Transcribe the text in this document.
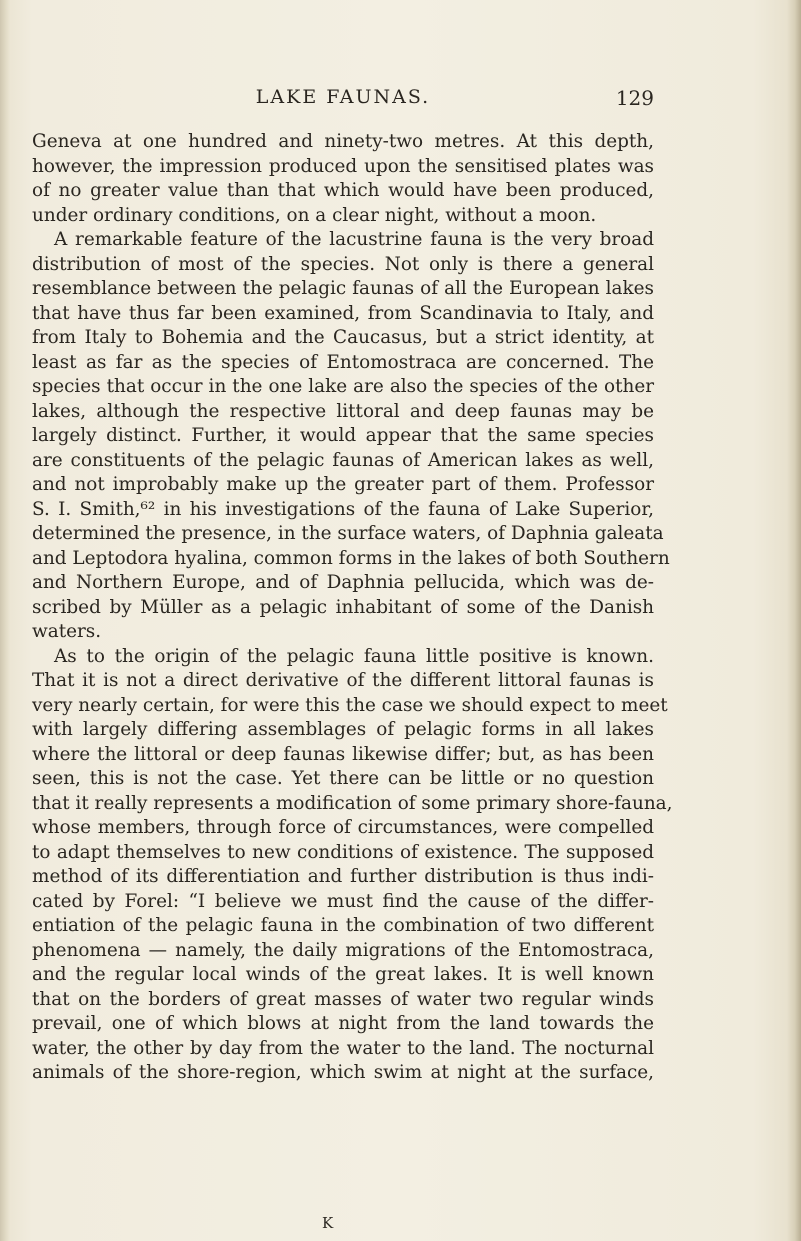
LAKE FAUNAS.	129
Geneva at one hundred and ninety-two metres. At this depth,
however, the impression produced upon the sensitised plates was
of no greater value than that which would have been produced,
under ordinary conditions, on a clear night, without a moon.
A remarkable feature of the lacustrine fauna is the very broad
distribution of most of the species. Not only is there a general
resemblance between the pelagic faunas of all the European lakes
that have thus far been examined, from Scandinavia to Italy, and
from Italy to Bohemia and the Caucasus, but a strict identity, at
least as far as the species of Entomostraca are concerned. The
species that occur in the one lake are also the species of the other
lakes, although the respective littoral and deep faunas may be
largely distinct. Further, it would appear that the same species
are constituents of the pelagic faunas of American lakes as well,
and not improbably make up the greater part of them. Professor
S. I. Smith,⁶² in his investigations of the fauna of Lake Superior,
determined the presence, in the surface waters, of Daphnia galeata
and Leptodora hyalina, common forms in the lakes of both Southern
and Northern Europe, and of Daphnia pellucida, which was de-
scribed by Müller as a pelagic inhabitant of some of the Danish
waters.
As to the origin of the pelagic fauna little positive is known.
That it is not a direct derivative of the different littoral faunas is
very nearly certain, for were this the case we should expect to meet
with largely differing assemblages of pelagic forms in all lakes
where the littoral or deep faunas likewise differ; but, as has been
seen, this is not the case. Yet there can be little or no question
that it really represents a modification of some primary shore-fauna,
whose members, through force of circumstances, were compelled
to adapt themselves to new conditions of existence. The supposed
method of its differentiation and further distribution is thus indi-
cated by Forel: “I believe we must find the cause of the differ-
entiation of the pelagic fauna in the combination of two different
phenomena — namely, the daily migrations of the Entomostraca,
and the regular local winds of the great lakes. It is well known
that on the borders of great masses of water two regular winds
prevail, one of which blows at night from the land towards the
water, the other by day from the water to the land. The nocturnal
animals of the shore-region, which swim at night at the surface,
K
